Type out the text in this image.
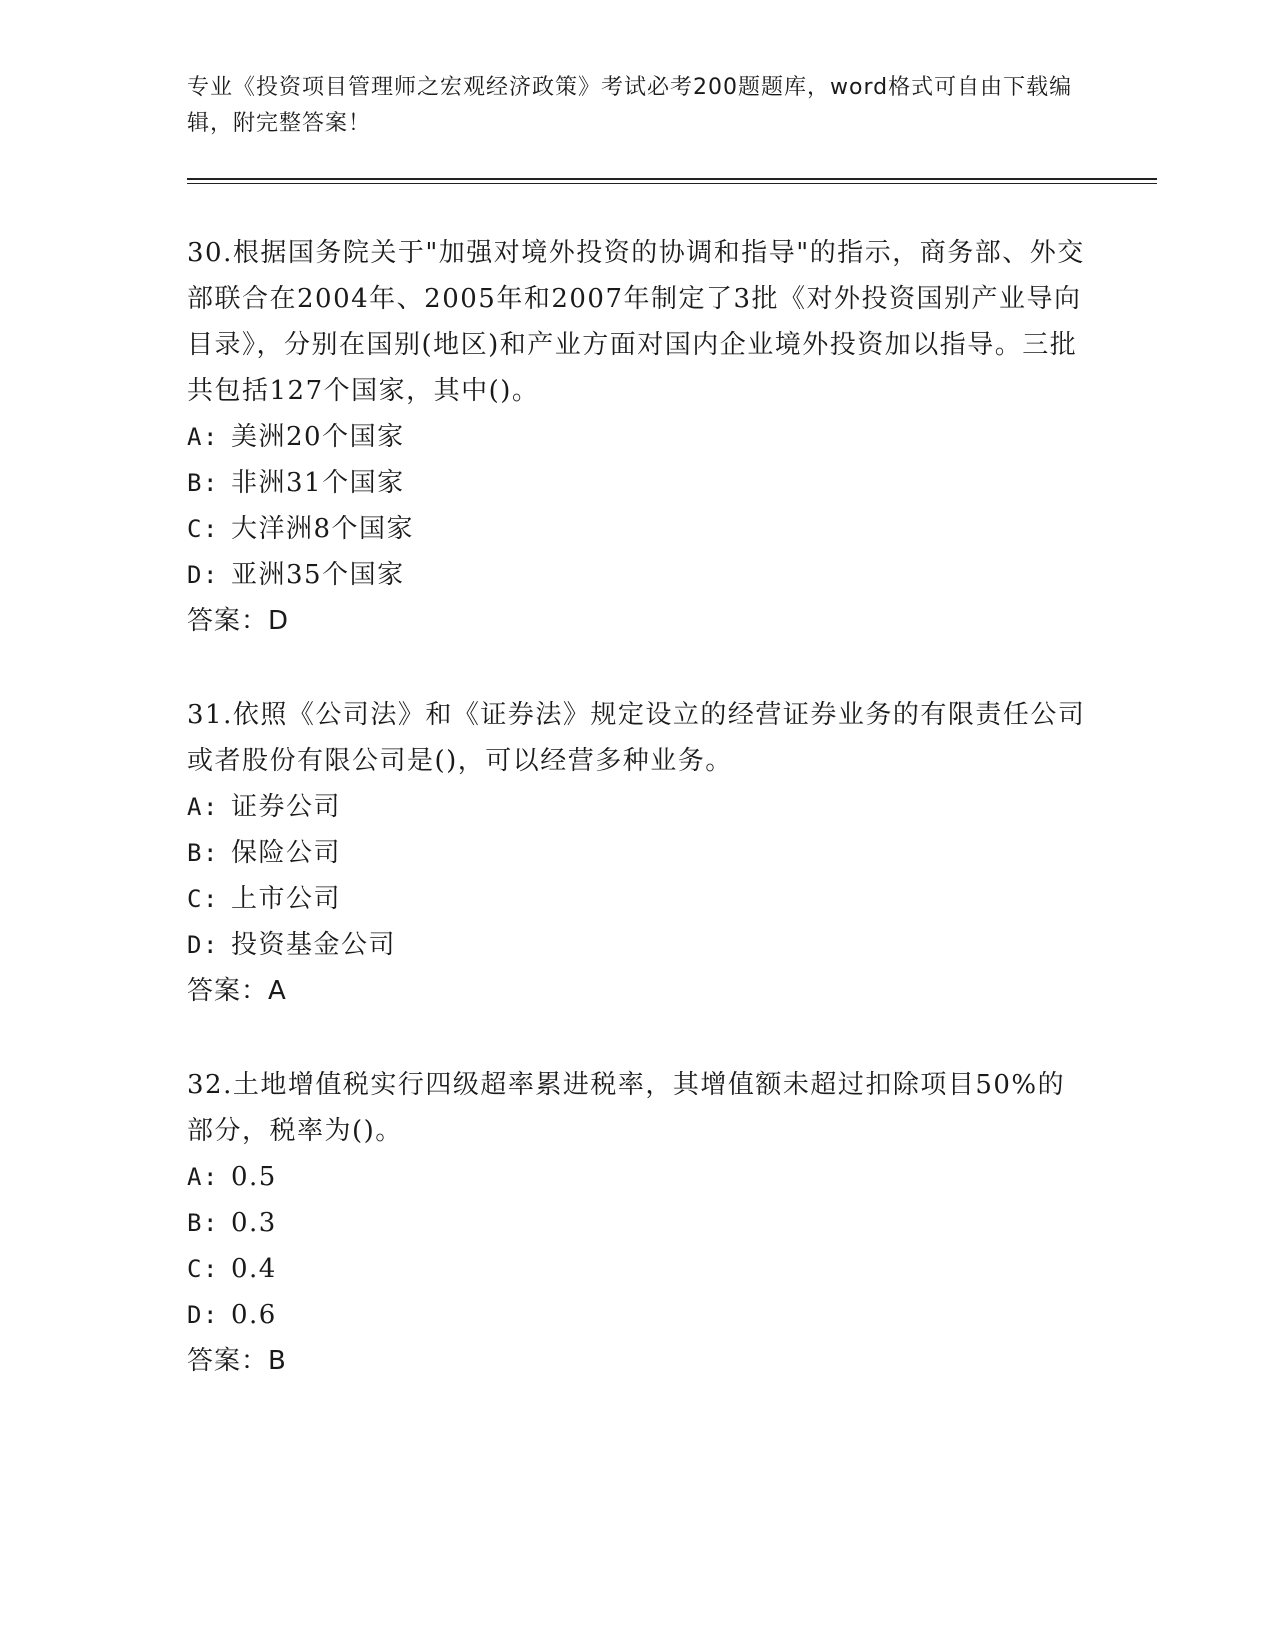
专业《投资项目管理师之宏观经济政策》考试必考200题题库，word格式可自由下载编辑，附完整答案！

30.根据国务院关于"加强对境外投资的协调和指导"的指示，商务部、外交部联合在2004年、2005年和2007年制定了3批《对外投资国别产业导向目录》，分别在国别(地区)和产业方面对国内企业境外投资加以指导。三批共包括127个国家，其中()。

A: 美洲20个国家

B: 非洲31个国家

C: 大洋洲8个国家

D: 亚洲35个国家

答案：D

31.依照《公司法》和《证券法》规定设立的经营证券业务的有限责任公司或者股份有限公司是()，可以经营多种业务。

A: 证券公司

B: 保险公司

C: 上市公司

D: 投资基金公司

答案：A

32.土地增值税实行四级超率累进税率，其增值额未超过扣除项目50%的部分，税率为()。

A: 0.5

B: 0.3

C: 0.4

D: 0.6

答案：B
